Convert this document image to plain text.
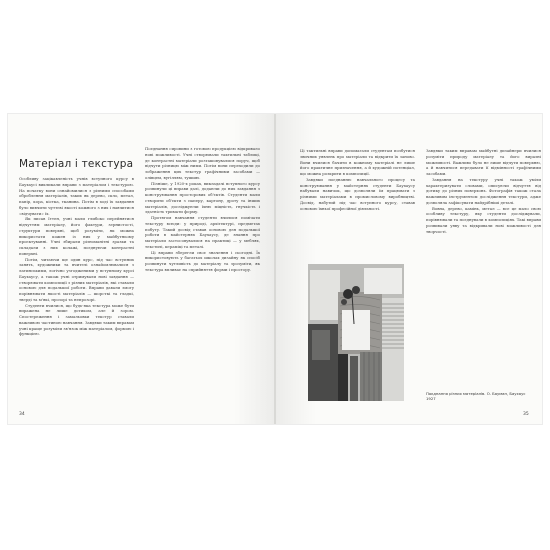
Матеріал і текстура

Особливу зацікавленість учнів вступного курсу в Баухаусі викликали вправи з матеріалом і текстурою. На початку вони ознайомилися з різними способами оброблення матеріалів, таких як дерево, скло, метал, папір, кора, кістка, тканина. Потім в ході їх завдання було вивчити чуттєві якості кожного з них і навчитися «відчувати» їх.

Як писав Іттен, учні мали глибоко перейнятися відчуттям матеріалу, його фактури, зернистості, структури поверхні, щоб розуміти, як можна використати кожен із них у майбутньому проєктуванні. Учні збирали різноманітні зразки та складали з них колажі, поєднуючи контрастні поверхні.

Потім, читаючи ще один курс, під час вступних занять, художники та вчителі ознайомлювалися з латинськими, логічно узгодженими у вступному курсі Баухаусу, а також учні отримували нові завдання — створювати композиції з різних матеріалів, які ставали основою для подальшої роботи. Вправи давали змогу порівнювати якості матеріалів — шорсткі та гладкі, тверді та м'які, прозорі та непрозорі.

Студенти вчилися, що будь-яка текстура може бути виражена не лише дотиком, але й зором. Спостереження і замальовки текстур ставали важливою частиною навчання. Завдяки таким вправам учні краще розуміли зв'язок між матеріалом, формою і функцією.

Поєднання сировини з готовою продукцією відкривало нові можливості. Учні створювали тактильні таблиці, де контрастні матеріали розташовувалися поруч, щоб відчути різницю між ними. Потім вони переходили до зображення цих текстур графічними засобами — олівцем, вугіллям, тушшю.

Пізніше, у 1920-х роках, викладачі вступного курсу розвинули ці вправи далі, додаючи до них завдання з конструювання просторових об'єктів. Студенти мали створити об'єкти з паперу, картону, дроту та інших матеріалів, досліджуючи їхню міцність, гнучкість і здатність тримати форму.

Протягом навчання студенти вчилися помічати текстуру всюди: у природі, архітектурі, предметах побуту. Такий досвід ставав основою для подальшої роботи в майстернях Баухаусу, де знання про матеріали застосовувалися на практиці — у меблях, текстилі, кераміці та металі.

Ці вправи зберегли своє значення і сьогодні. Їх використовують у багатьох школах дизайну як спосіб розвинути чутливість до матеріалу та зрозуміти, як текстура впливає на сприйняття форми і простору.

34

Ці тактильні вправи допомагали студентам позбутися звичних уявлень про матеріали та відкрити їх заново. Вони вчилися бачити в кожному матеріалі не лише його практичне призначення, а й художній потенціал, що можна розкрити в композиції.

Завдяки поєднанню навчального процесу та конструювання у майстернях студенти Баухаусу набували навичок, що дозволяли їм працювати з різними матеріалами в промисловому виробництві. Досвід, набутий під час вступного курсу, ставав основою їхньої професійної діяльності.

Завдяки таким вправам майбутні дизайнери вчилися розуміти природу матеріалу та його виразні можливості. Важливо було не лише відчути поверхню, а й навчитися передавати її відмінності графічними засобами.

Завдання на текстуру учні також уміли характеризувати словами, описуючи відчуття від дотику до різних поверхонь. Фотографія також стала важливим інструментом дослідження текстури, адже дозволяла зафіксувати найдрібніші деталі.

Вовна, дерево, камінь, метал — все це мало свою особливу текстуру, яку студенти досліджували, порівнювали та поєднували в композиціях. Такі вправи розвивали уяву та відкривали нові можливості для творчості.

Поєднання різних матеріалів. О. Бауман, Баухаус 1927
35
